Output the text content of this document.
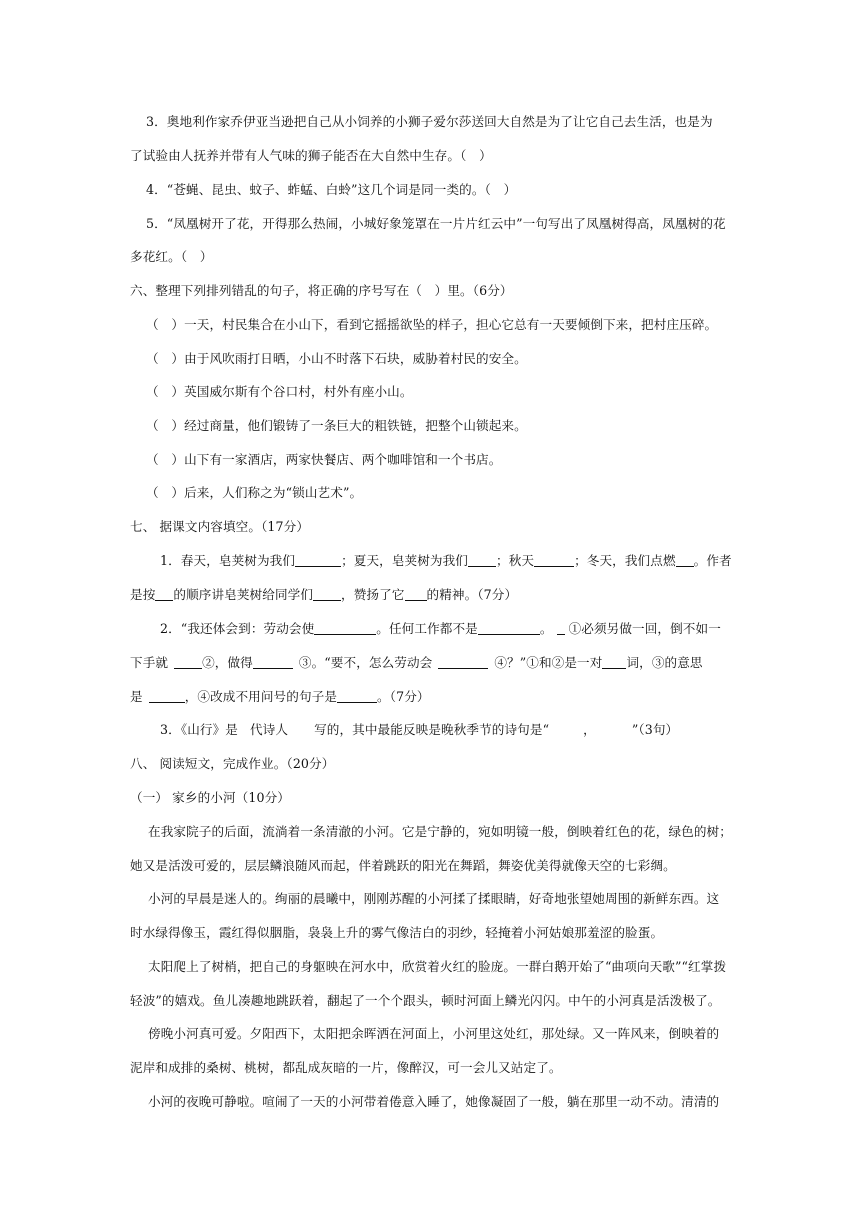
3．奥地利作家乔伊亚当逊把自己从小饲养的小狮子爱尔莎送回大自然是为了让它自己去生活，也是为
了试验由人抚养并带有人气味的狮子能否在大自然中生存。（　）
4．“苍蝇、昆虫、蚊子、蚱蜢、白蛉”这几个词是同一类的。（　）
5．“凤凰树开了花，开得那么热闹，小城好象笼罩在一片片红云中”一句写出了凤凰树得高，凤凰树的花
多花红。（　）
六、整理下列排列错乱的句子，将正确的序号写在（　）里。（6分）
（　）一天，村民集合在小山下，看到它摇摇欲坠的样子，担心它总有一天要倾倒下来，把村庄压碎。
（　）由于风吹雨打日晒，小山不时落下石块，威胁着村民的安全。
（　）英国威尔斯有个谷口村，村外有座小山。
（　）经过商量，他们锻铸了一条巨大的粗铁链，把整个山锁起来。
（　）山下有一家酒店，两家快餐店、两个咖啡馆和一个书店。
（　）后来，人们称之为“锁山艺术”。
七、 据课文内容填空。（17分）
1．春天，皂荚树为我们	；夏天，皂荚树为我们 ；秋天	；冬天，我们点燃 。作者
是按 的顺序讲皂荚树给同学们 ，赞扬了它 的精神。（7分）
2．“我还体会到：劳动会使	。任何工作都不是	。 ①必须另做一回，倒不如一
下手就	②，做得	③。“要不，怎么劳动会	④？”①和②是一对 词，③的意思
是	，④改成不用问号的句子是	。（7分）
3．《山行》是 代诗人 写的，其中最能反映是晚秋季节的诗句是“	，	”（3句）
八、 阅读短文，完成作业。（20分）
（一） 家乡的小河（10分）
在我家院子的后面，流淌着一条清澈的小河。它是宁静的，宛如明镜一般，倒映着红色的花，绿色的树；
她又是活泼可爱的，层层鳞浪随风而起，伴着跳跃的阳光在舞蹈，舞姿优美得就像天空的七彩绸。
小河的早晨是迷人的。绚丽的晨曦中，刚刚苏醒的小河揉了揉眼睛，好奇地张望她周围的新鲜东西。这
时水绿得像玉，霞红得似胭脂，袅袅上升的雾气像洁白的羽纱，轻掩着小河姑娘那羞涩的脸蛋。
太阳爬上了树梢，把自己的身躯映在河水中，欣赏着火红的脸庞。一群白鹅开始了“曲项向天歌”“红掌拨
轻波”的嬉戏。鱼儿凑趣地跳跃着，翻起了一个个跟头，顿时河面上鳞光闪闪。中午的小河真是活泼极了。
傍晚小河真可爱。夕阳西下，太阳把余晖洒在河面上，小河里这处红，那处绿。又一阵风来，倒映着的
泥岸和成排的桑树、桃树，都乱成灰暗的一片，像醉汉，可一会儿又站定了。
小河的夜晚可静啦。喧闹了一天的小河带着倦意入睡了，她像凝固了一般，躺在那里一动不动。清清的
